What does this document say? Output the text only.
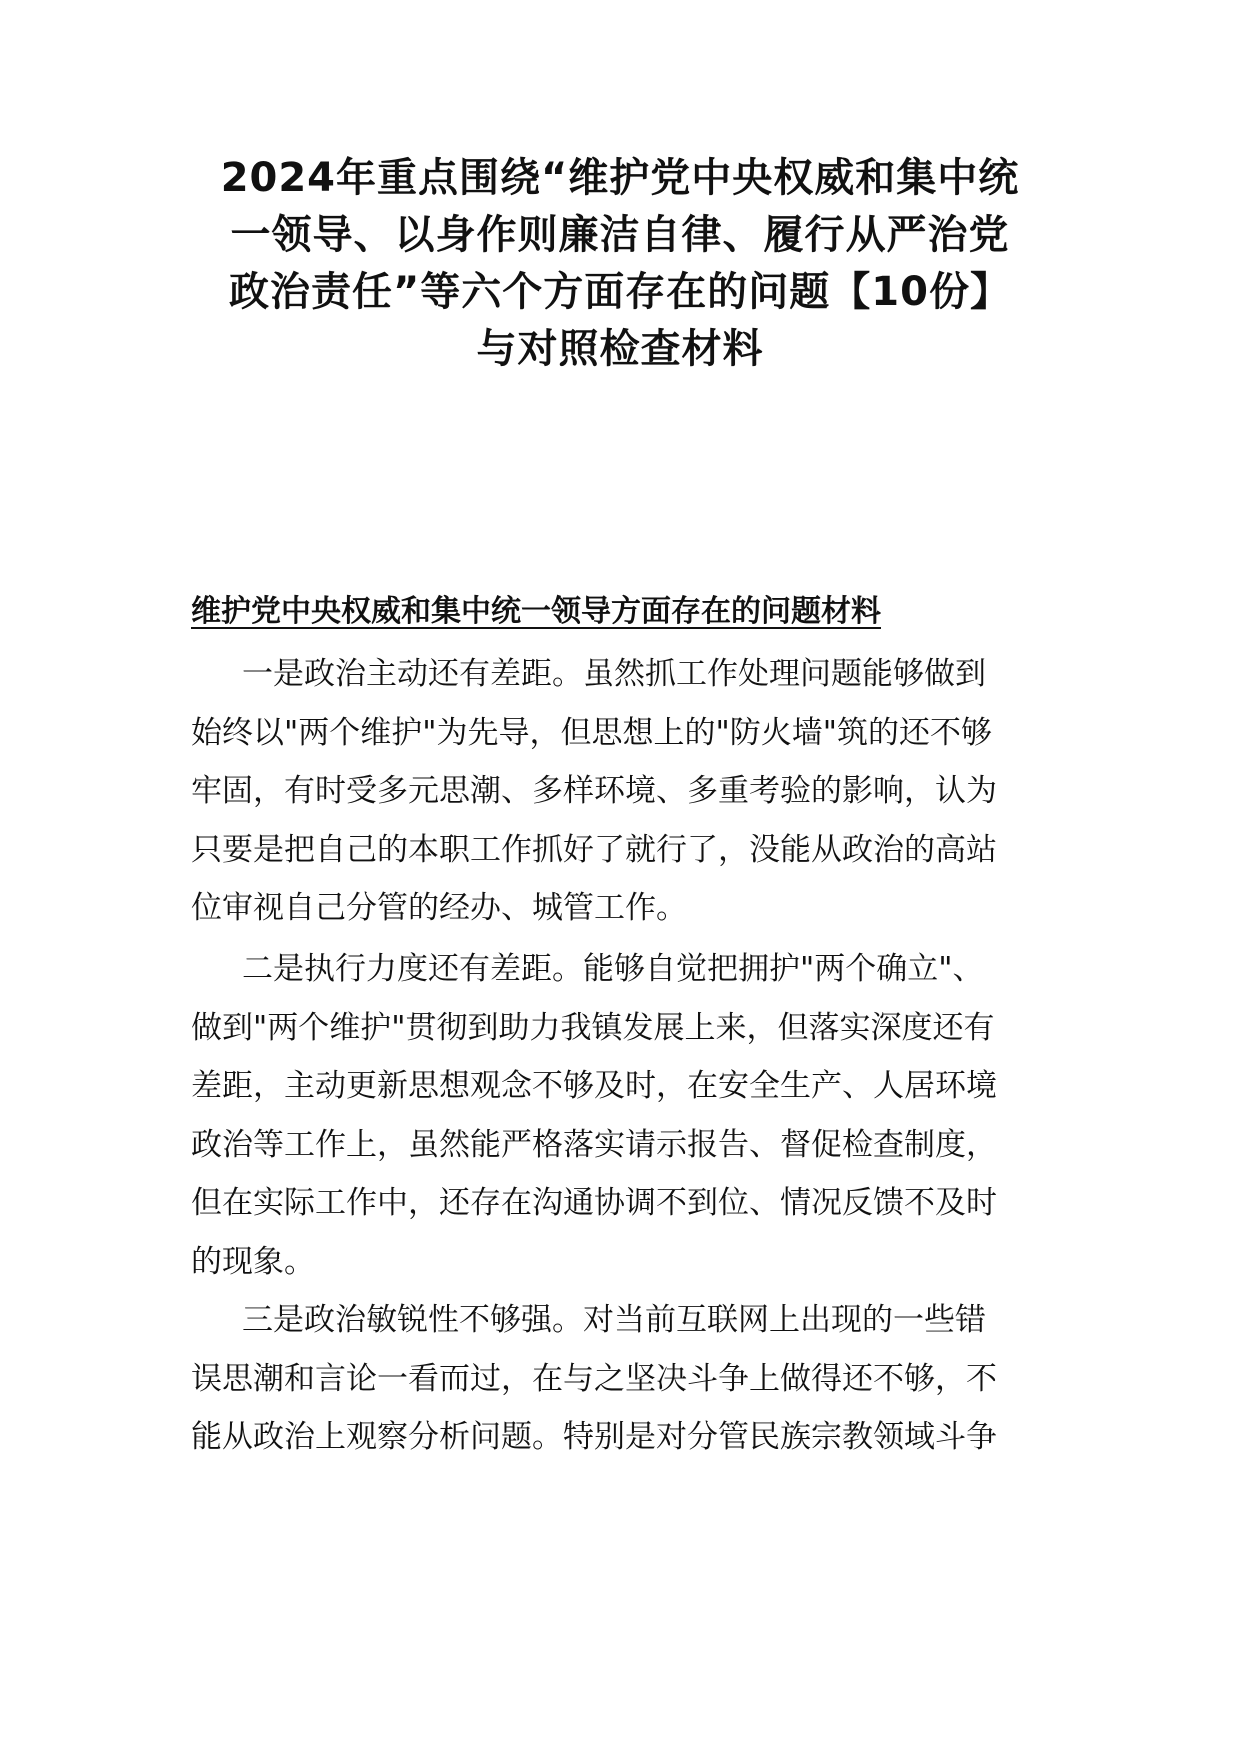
2024年重点围绕“维护党中央权威和集中统
一领导、以身作则廉洁自律、履行从严治党
政治责任”等六个方面存在的问题【10份】
与对照检查材料
维护党中央权威和集中统一领导方面存在的问题材料
一是政治主动还有差距。虽然抓工作处理问题能够做到
始终以"两个维护"为先导，但思想上的"防火墙"筑的还不够
牢固，有时受多元思潮、多样环境、多重考验的影响，认为
只要是把自己的本职工作抓好了就行了，没能从政治的高站
位审视自己分管的经办、城管工作。
二是执行力度还有差距。能够自觉把拥护"两个确立"、
做到"两个维护"贯彻到助力我镇发展上来，但落实深度还有
差距，主动更新思想观念不够及时，在安全生产、人居环境
政治等工作上，虽然能严格落实请示报告、督促检查制度，
但在实际工作中，还存在沟通协调不到位、情况反馈不及时
的现象。
三是政治敏锐性不够强。对当前互联网上出现的一些错
误思潮和言论一看而过，在与之坚决斗争上做得还不够，不
能从政治上观察分析问题。特别是对分管民族宗教领域斗争
